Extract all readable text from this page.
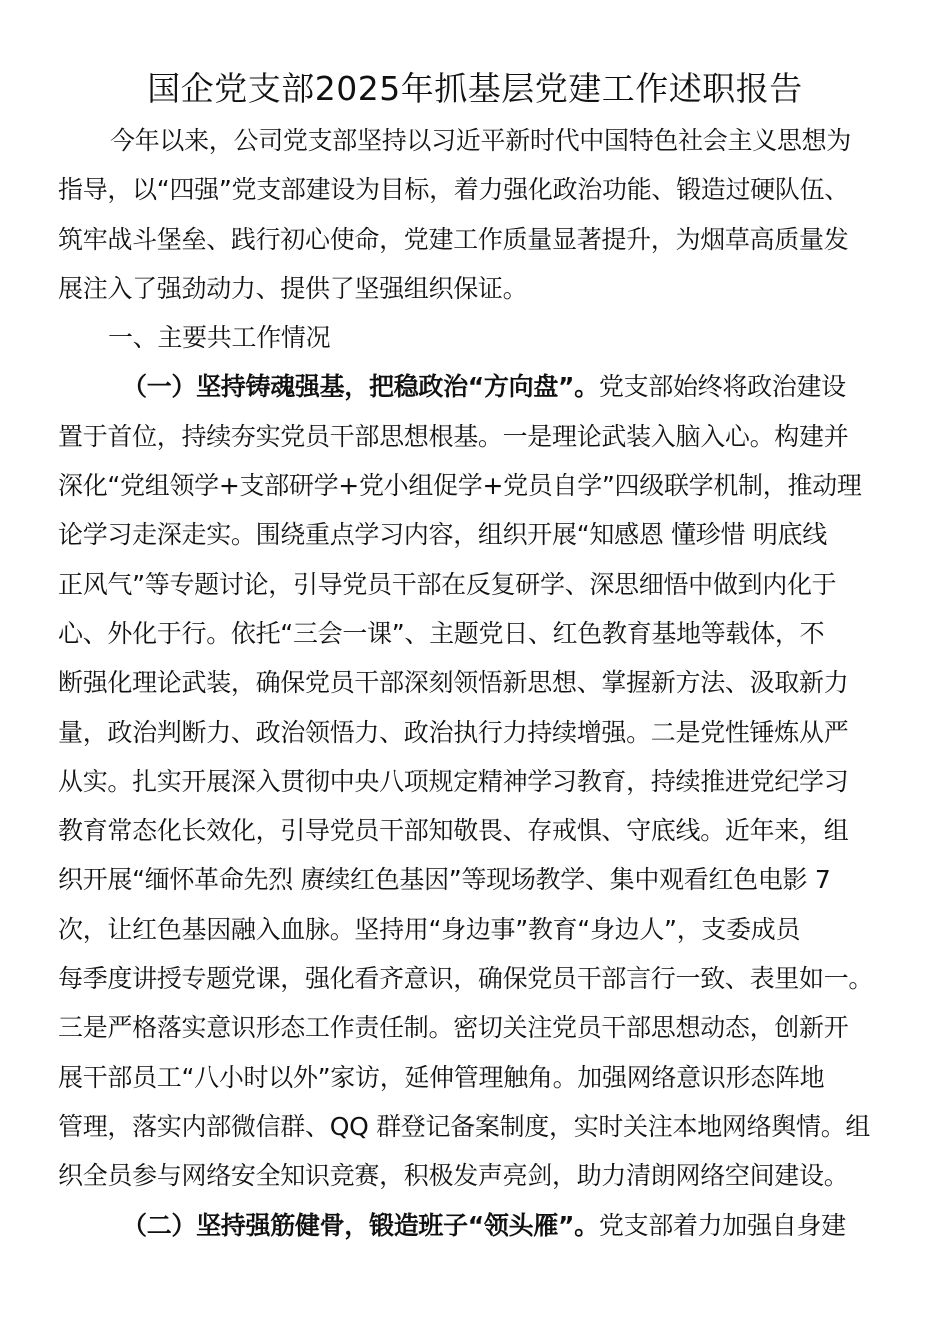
国企党支部2025年抓基层党建工作述职报告
今年以来，公司党支部坚持以习近平新时代中国特色社会主义思想为
指导，以“四强”党支部建设为目标，着力强化政治功能、锻造过硬队伍、
筑牢战斗堡垒、践行初心使命，党建工作质量显著提升，为烟草高质量发
展注入了强劲动力、提供了坚强组织保证。
一、主要共工作情况
（一）坚持铸魂强基，把稳政治“方向盘”。党支部始终将政治建设
置于首位，持续夯实党员干部思想根基。一是理论武装入脑入心。构建并
深化“党组领学+支部研学+党小组促学+党员自学”四级联学机制，推动理
论学习走深走实。围绕重点学习内容，组织开展“知感恩 懂珍惜 明底线
正风气”等专题讨论，引导党员干部在反复研学、深思细悟中做到内化于
心、外化于行。依托“三会一课”、主题党日、红色教育基地等载体，不
断强化理论武装，确保党员干部深刻领悟新思想、掌握新方法、汲取新力
量，政治判断力、政治领悟力、政治执行力持续增强。二是党性锤炼从严
从实。扎实开展深入贯彻中央八项规定精神学习教育，持续推进党纪学习
教育常态化长效化，引导党员干部知敬畏、存戒惧、守底线。近年来，组
织开展“缅怀革命先烈 赓续红色基因”等现场教学、集中观看红色电影 7
次，让红色基因融入血脉。坚持用“身边事”教育“身边人”，支委成员
每季度讲授专题党课，强化看齐意识，确保党员干部言行一致、表里如一。
三是严格落实意识形态工作责任制。密切关注党员干部思想动态，创新开
展干部员工“八小时以外”家访，延伸管理触角。加强网络意识形态阵地
管理，落实内部微信群、QQ 群登记备案制度，实时关注本地网络舆情。组
织全员参与网络安全知识竞赛，积极发声亮剑，助力清朗网络空间建设。
（二）坚持强筋健骨，锻造班子“领头雁”。党支部着力加强自身建
